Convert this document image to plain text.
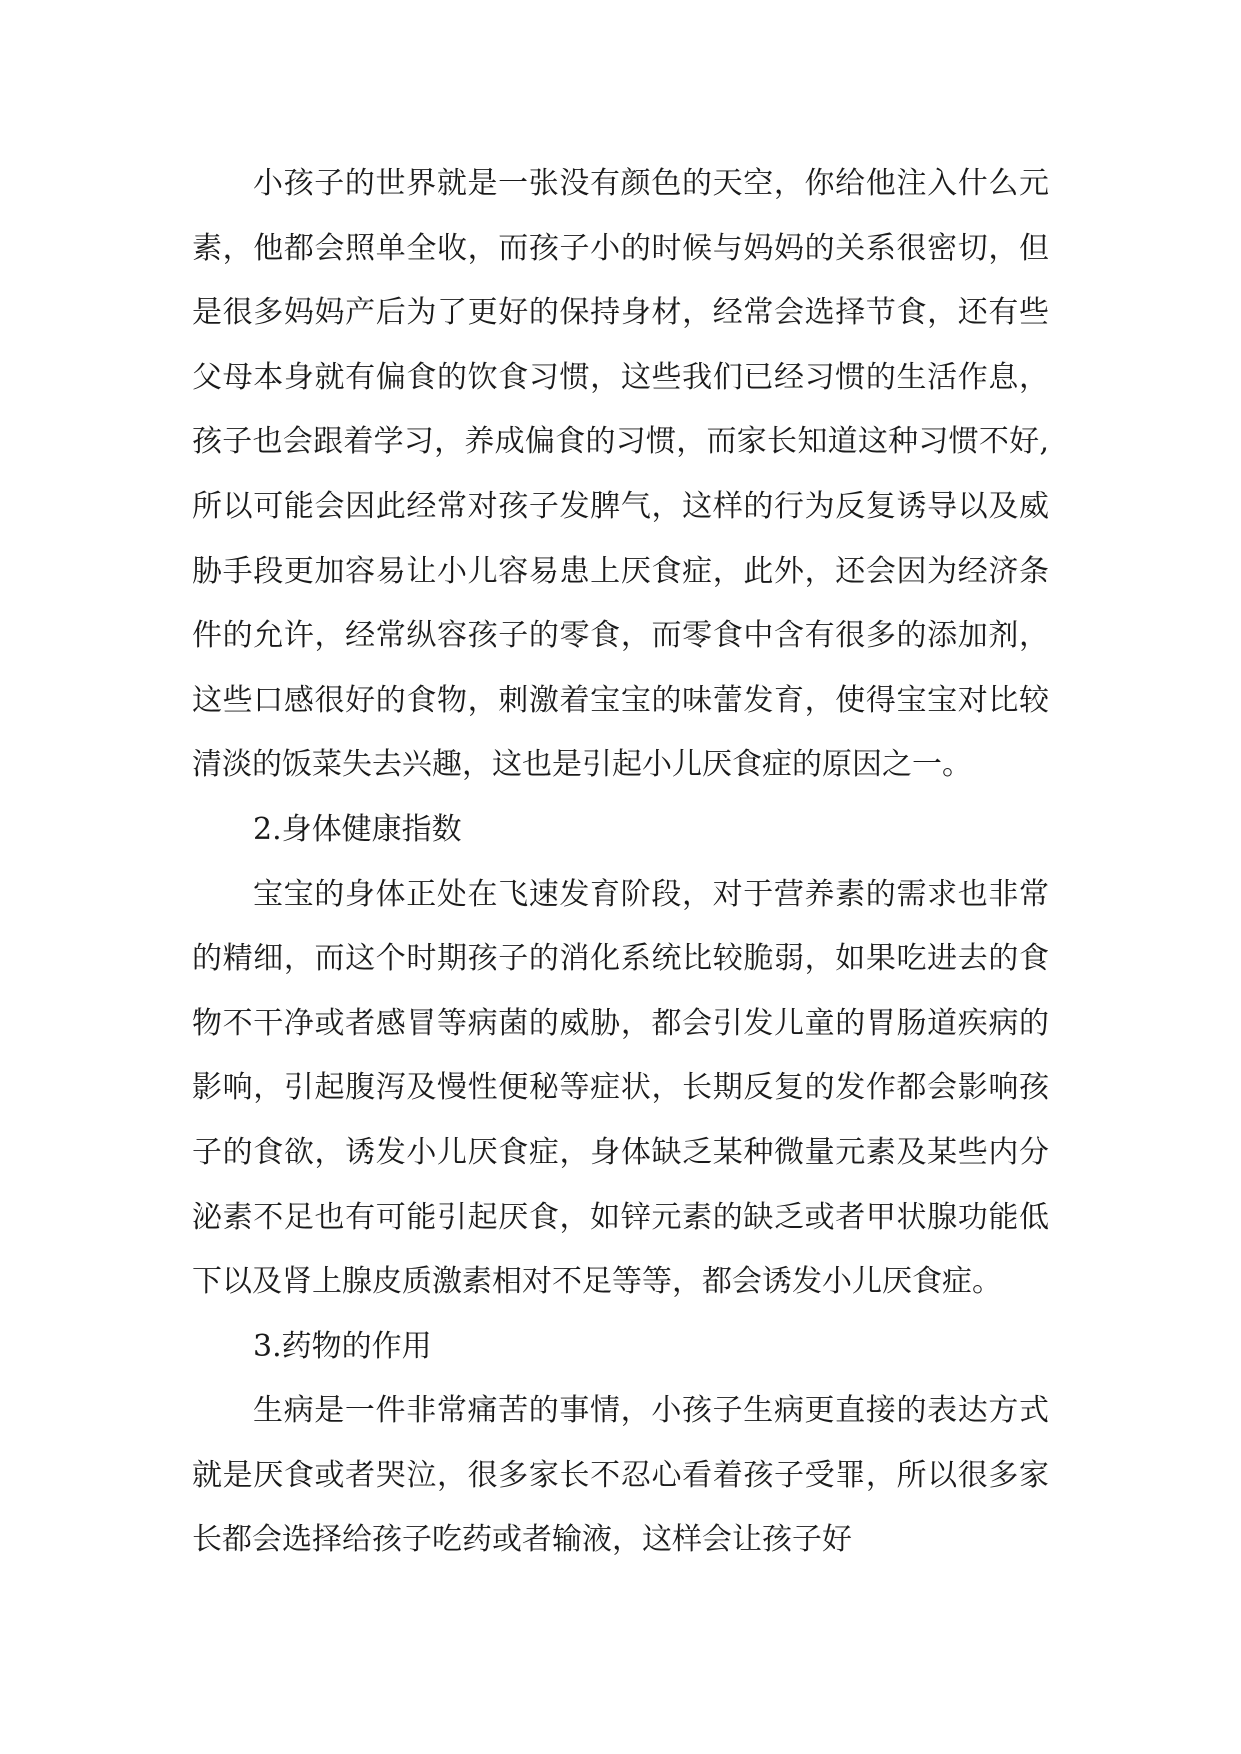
小孩子的世界就是一张没有颜色的天空，你给他注入什么元素，他都会照单全收，而孩子小的时候与妈妈的关系很密切，但是很多妈妈产后为了更好的保持身材，经常会选择节食，还有些父母本身就有偏食的饮食习惯，这些我们已经习惯的生活作息，孩子也会跟着学习，养成偏食的习惯，而家长知道这种习惯不好,所以可能会因此经常对孩子发脾气，这样的行为反复诱导以及威胁手段更加容易让小儿容易患上厌食症，此外，还会因为经济条件的允许，经常纵容孩子的零食，而零食中含有很多的添加剂，这些口感很好的食物，刺激着宝宝的味蕾发育，使得宝宝对比较清淡的饭菜失去兴趣，这也是引起小儿厌食症的原因之一。

2.身体健康指数

宝宝的身体正处在飞速发育阶段，对于营养素的需求也非常的精细，而这个时期孩子的消化系统比较脆弱，如果吃进去的食物不干净或者感冒等病菌的威胁，都会引发儿童的胃肠道疾病的影响，引起腹泻及慢性便秘等症状，长期反复的发作都会影响孩子的食欲，诱发小儿厌食症，身体缺乏某种微量元素及某些内分泌素不足也有可能引起厌食，如锌元素的缺乏或者甲状腺功能低下以及肾上腺皮质激素相对不足等等，都会诱发小儿厌食症。

3.药物的作用

生病是一件非常痛苦的事情，小孩子生病更直接的表达方式就是厌食或者哭泣，很多家长不忍心看着孩子受罪，所以很多家长都会选择给孩子吃药或者输液，这样会让孩子好
